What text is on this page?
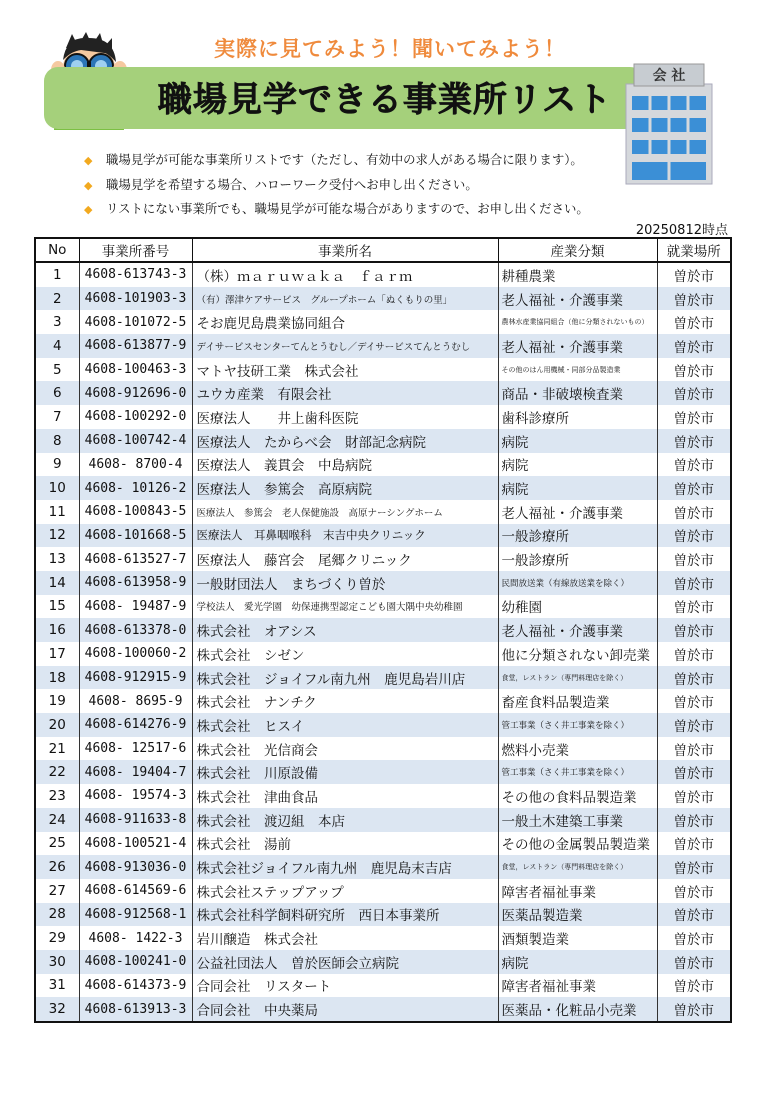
実際に見てみよう！聞いてみよう！
職場見学できる事業所リスト
会 社
◆ 職場見学が可能な事業所リストです（ただし、有効中の求人がある場合に限ります）。
◆ 職場見学を希望する場合、ハローワーク受付へお申し出ください。
◆ リストにない事業所でも、職場見学が可能な場合がありますので、お申し出ください。
20250812時点
No	事業所番号	事業所名	産業分類	就業場所
1	4608-613743-3	（株）ｍａｒｕｗａｋａ　ｆａｒｍ	耕種農業	曽於市
2	4608-101903-3	（有）澤津ケアサービス　グループホーム「ぬくもりの里」	老人福祉・介護事業	曽於市
3	4608-101072-5	そお鹿児島農業協同組合	農林水産業協同組合（他に分類されないもの）	曽於市
4	4608-613877-9	デイサービスセンターてんとうむし／デイサービスてんとうむし	老人福祉・介護事業	曽於市
5	4608-100463-3	マトヤ技研工業　株式会社	その他のはん用機械・同部分品製造業	曽於市
6	4608-912696-0	ユウカ産業　有限会社	商品・非破壊検査業	曽於市
7	4608-100292-0	医療法人　　井上歯科医院	歯科診療所	曽於市
8	4608-100742-4	医療法人　たからべ会　財部記念病院	病院	曽於市
9	4608- 8700-4	医療法人　義貫会　中島病院	病院	曽於市
10	4608- 10126-2	医療法人　参篤会　高原病院	病院	曽於市
11	4608-100843-5	医療法人　参篤会　老人保健施設　高原ナーシングホーム	老人福祉・介護事業	曽於市
12	4608-101668-5	医療法人　耳鼻咽喉科　末吉中央クリニック	一般診療所	曽於市
13	4608-613527-7	医療法人　藤宮会　尾郷クリニック	一般診療所	曽於市
14	4608-613958-9	一般財団法人　まちづくり曽於	民間放送業（有線放送業を除く）	曽於市
15	4608- 19487-9	学校法人　愛光学園　幼保連携型認定こども園大隅中央幼稚園	幼稚園	曽於市
16	4608-613378-0	株式会社　オアシス	老人福祉・介護事業	曽於市
17	4608-100060-2	株式会社　シゼン	他に分類されない卸売業	曽於市
18	4608-912915-9	株式会社　ジョイフル南九州　鹿児島岩川店	食堂，レストラン（専門料理店を除く）	曽於市
19	4608- 8695-9	株式会社　ナンチク	畜産食料品製造業	曽於市
20	4608-614276-9	株式会社　ヒスイ	管工事業（さく井工事業を除く）	曽於市
21	4608- 12517-6	株式会社　光信商会	燃料小売業	曽於市
22	4608- 19404-7	株式会社　川原設備	管工事業（さく井工事業を除く）	曽於市
23	4608- 19574-3	株式会社　津曲食品	その他の食料品製造業	曽於市
24	4608-911633-8	株式会社　渡辺組　本店	一般土木建築工事業	曽於市
25	4608-100521-4	株式会社　湯前	その他の金属製品製造業	曽於市
26	4608-913036-0	株式会社ジョイフル南九州　鹿児島末吉店	食堂，レストラン（専門料理店を除く）	曽於市
27	4608-614569-6	株式会社ステップアップ	障害者福祉事業	曽於市
28	4608-912568-1	株式会社科学飼料研究所　西日本事業所	医薬品製造業	曽於市
29	4608- 1422-3	岩川醸造　株式会社	酒類製造業	曽於市
30	4608-100241-0	公益社団法人　曽於医師会立病院	病院	曽於市
31	4608-614373-9	合同会社　リスタート	障害者福祉事業	曽於市
32	4608-613913-3	合同会社　中央薬局	医薬品・化粧品小売業	曽於市
